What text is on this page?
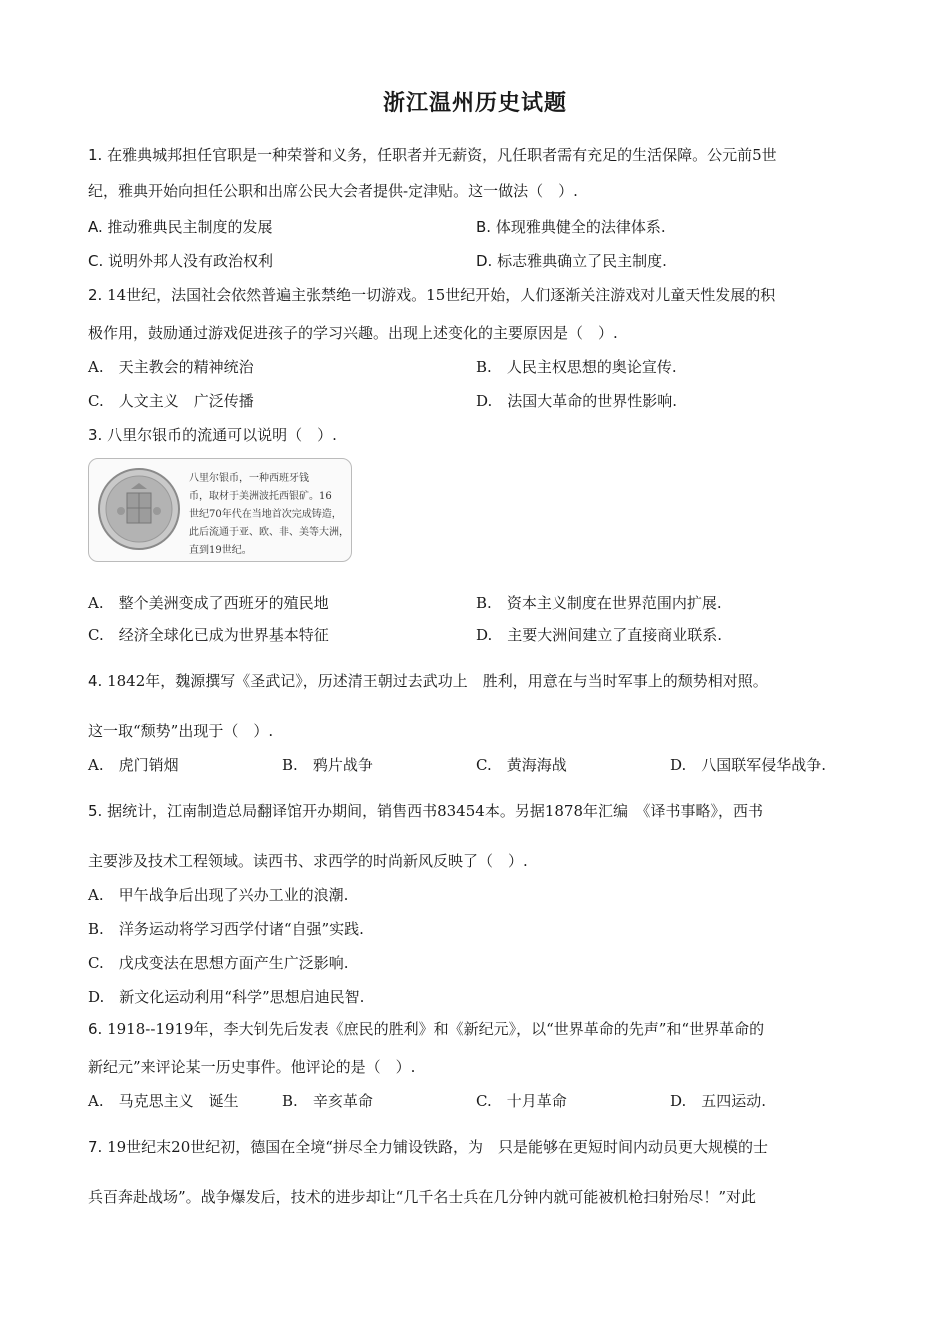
浙江温州历史试题
1. 在雅典城邦担任官职是一种荣誉和义务，任职者并无薪资，凡任职者需有充足的生活保障。公元前5世
纪，雅典开始向担任公职和出席公民大会者提供-定津贴。这一做法（　）.
A. 推动雅典民主制度的发展	B. 体现雅典健全的法律体系.
C. 说明外邦人没有政治权利	D. 标志雅典确立了民主制度.
2. 14世纪，法国社会依然普遍主张禁绝一切游戏。15世纪开始，人们逐渐关注游戏对儿童天性发展的积
极作用，鼓励通过游戏促进孩子的学习兴趣。出现上述变化的主要原因是（　）.
A.　 天主教会的精神统治	B.　 人民主权思想的奥论宣传.
C.　 人文主义　广泛传播	D.　 法国大革命的世界性影响.
3. 八里尔银币的流通可以说明（　）.
八里尔银币，一种西班牙钱
币，取材于美洲波托西银矿。16
世纪70年代在当地首次完成铸造，
此后流通于亚、欧、非、美等大洲，
直到19世纪。
A.　 整个美洲变成了西班牙的殖民地	B.　 资本主义制度在世界范围内扩展.
C.　 经济全球化已成为世界基本特征	D.　 主要大洲间建立了直接商业联系.
4. 1842年，魏源撰写《圣武记》，历述清王朝过去武功上　胜利，用意在与当时军事上的颓势相对照。
这一取“颓势”出现于（　）.
A.　 虎门销烟	B.　 鸦片战争	C.　 黄海海战	D.　 八国联军侵华战争.
5. 据统计，江南制造总局翻译馆开办期间，销售西书83454本。另据1878年汇编　《译书事略》，西书
主要涉及技术工程领域。读西书、求西学的时尚新风反映了（　）.
A.　 甲午战争后出现了兴办工业的浪潮.
B.　 洋务运动将学习西学付诸“自强”实践.
C.　 戊戌变法在思想方面产生广泛影响.
D.　 新文化运动利用“科学”思想启迪民智.
6. 1918--1919年，李大钊先后发表《庶民的胜利》和《新纪元》，以“世界革命的先声”和“世界革命的
新纪元”来评论某一历史事件。他评论的是（　）.
A.　 马克思主义　诞生	B.　 辛亥革命	C.　 十月革命	D.　 五四运动.
7. 19世纪末20世纪初，德国在全境“拼尽全力铺设铁路，为　只是能够在更短时间内动员更大规模的士
兵百奔赴战场”。战争爆发后，技术的进步却让“几千名士兵在几分钟内就可能被机枪扫射殆尽！”对此
